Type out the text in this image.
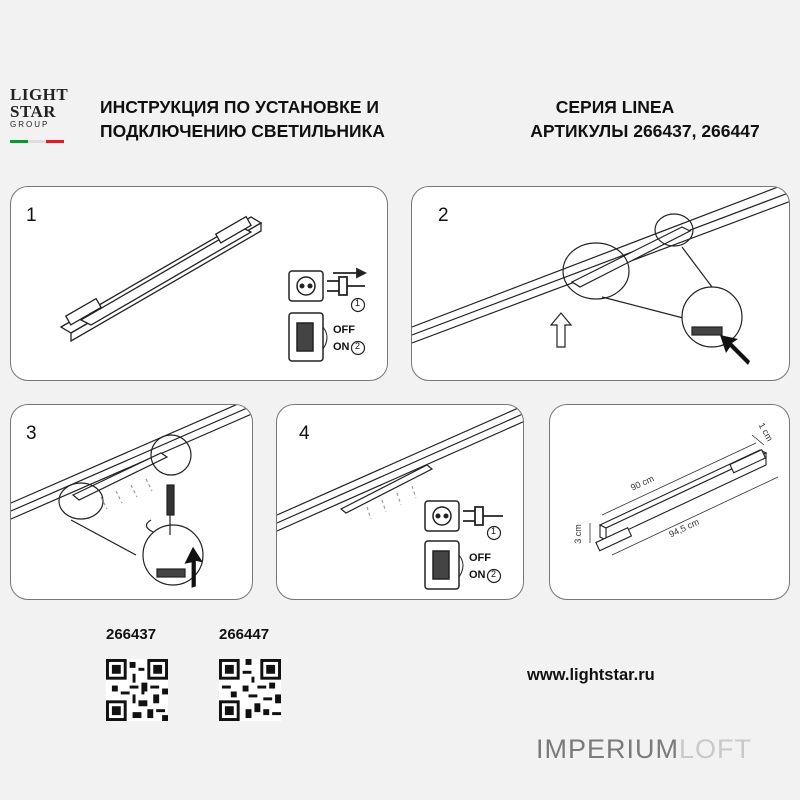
LIGHT
STAR
GROUP
ИНСТРУКЦИЯ ПО УСТАНОВКЕ И
ПОДКЛЮЧЕНИЮ СВЕТИЛЬНИКА
СЕРИЯ LINEA
АРТИКУЛЫ 266437, 266447
1
OFF
ON
1
2
2
3	4
OFF
ON
1
2
90 cm
94,5 cm
1 cm
3 cm
266437	266447
www.lightstar.ru
IMPERIUMLOFT
